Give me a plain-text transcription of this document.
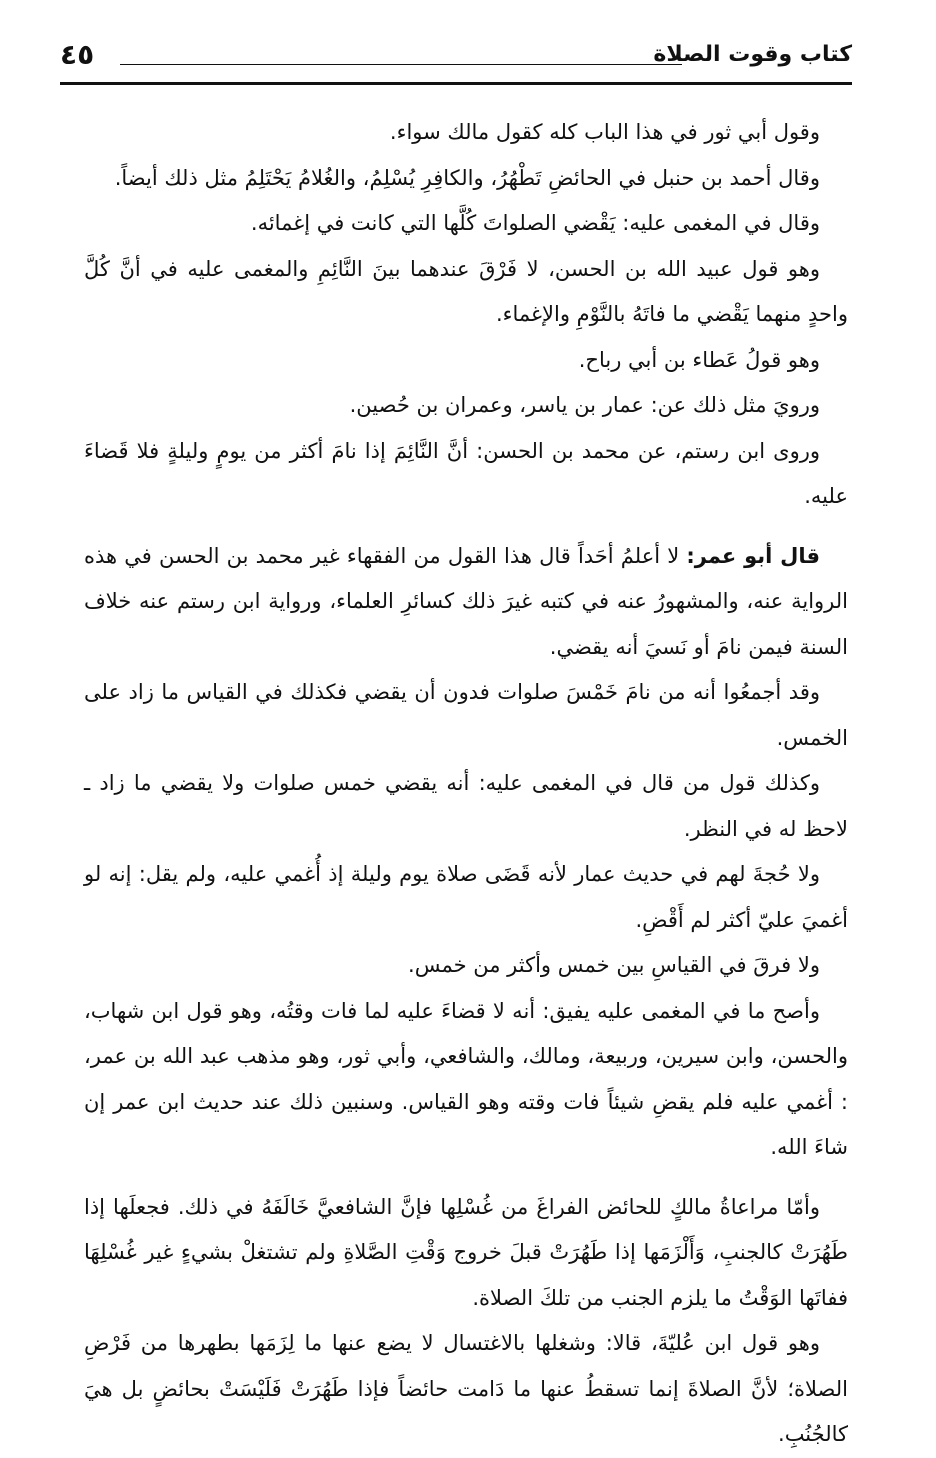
كتاب وقوت الصلاة
٤٥

وقول أبي ثور في هذا الباب كله كقول مالك سواء.

وقال أحمد بن حنبل في الحائضِ تَطْهُرُ، والكافِرِ يُسْلِمُ، والغُلامُ يَحْتَلِمُ مثل ذلك أيضاً.

وقال في المغمى عليه: يَقْضي الصلواتَ كُلَّها التي كانت في إغمائه.

وهو قول عبيد الله بن الحسن، لا فَرْقَ عندهما بينَ النَّائِمِ والمغمى عليه في أنَّ كُلَّ واحدٍ منهما يَقْضي ما فاتَهُ بالنَّوْمِ والإغماء.

وهو قولُ عَطاء بن أبي رباح.

ورويَ مثل ذلك عن: عمار بن ياسر، وعمران بن حُصين.

وروى ابن رستم، عن محمد بن الحسن: أنَّ النَّائِمَ إذا نامَ أكثر من يومٍ وليلةٍ فلا قَضاءَ عليه.

قال أبو عمر: لا أعلمُ أحَداً قال هذا القول من الفقهاء غير محمد بن الحسن في هذه الرواية عنه، والمشهورُ عنه في كتبه غيرَ ذلك كسائرِ العلماء، ورواية ابن رستم عنه خلاف السنة فيمن نامَ أو نَسيَ أنه يقضي.

وقد أجمعُوا أنه من نامَ خَمْسَ صلوات فدون أن يقضي فكذلك في القياس ما زاد على الخمس.

وكذلك قول من قال في المغمى عليه: أنه يقضي خمس صلوات ولا يقضي ما زاد ـ لاحظ له في النظر.

ولا حُجةَ لهم في حديث عمار لأنه قَضَى صلاة يوم وليلة إذ أُغمي عليه، ولم يقل: إنه لو أغميَ عليّ أكثر لم أَقْضِ.

ولا فرقَ في القياسِ بين خمس وأكثر من خمس.

وأصح ما في المغمى عليه يفيق: أنه لا قضاءَ عليه لما فات وقتُه، وهو قول ابن شهاب، والحسن، وابن سيرين، وربيعة، ومالك، والشافعي، وأبي ثور، وهو مذهب عبد الله بن عمر، : أغمي عليه فلم يقضِ شيئاً فات وقته وهو القياس. وسنبين ذلك عند حديث ابن عمر إن شاءَ الله.

وأمّا مراعاةُ مالكٍ للحائض الفراغَ من غُسْلِها فإنَّ الشافعيَّ خَالَفَهُ في ذلك. فجعلَها إذا طَهُرَتْ كالجنبِ، وَأَلْزَمَها إذا طَهُرَتْ قبلَ خروج وَقْتِ الصَّلاةِ ولم تشتغلْ بشيءٍ غير غُسْلِهَا ففاتَها الوَقْتُ ما يلزم الجنب من تلكَ الصلاة.

وهو قول ابن عُليّةَ، قالا: وشغلها بالاغتسال لا يضع عنها ما لِزَمَها بطهرها من فَرْضِ الصلاة؛ لأنَّ الصلاةَ إنما تسقطُ عنها ما دَامت حائضاً فإذا طَهُرَتْ فَلَيْسَتْ بحائضٍ بل هيَ كالجُنُبِ.
